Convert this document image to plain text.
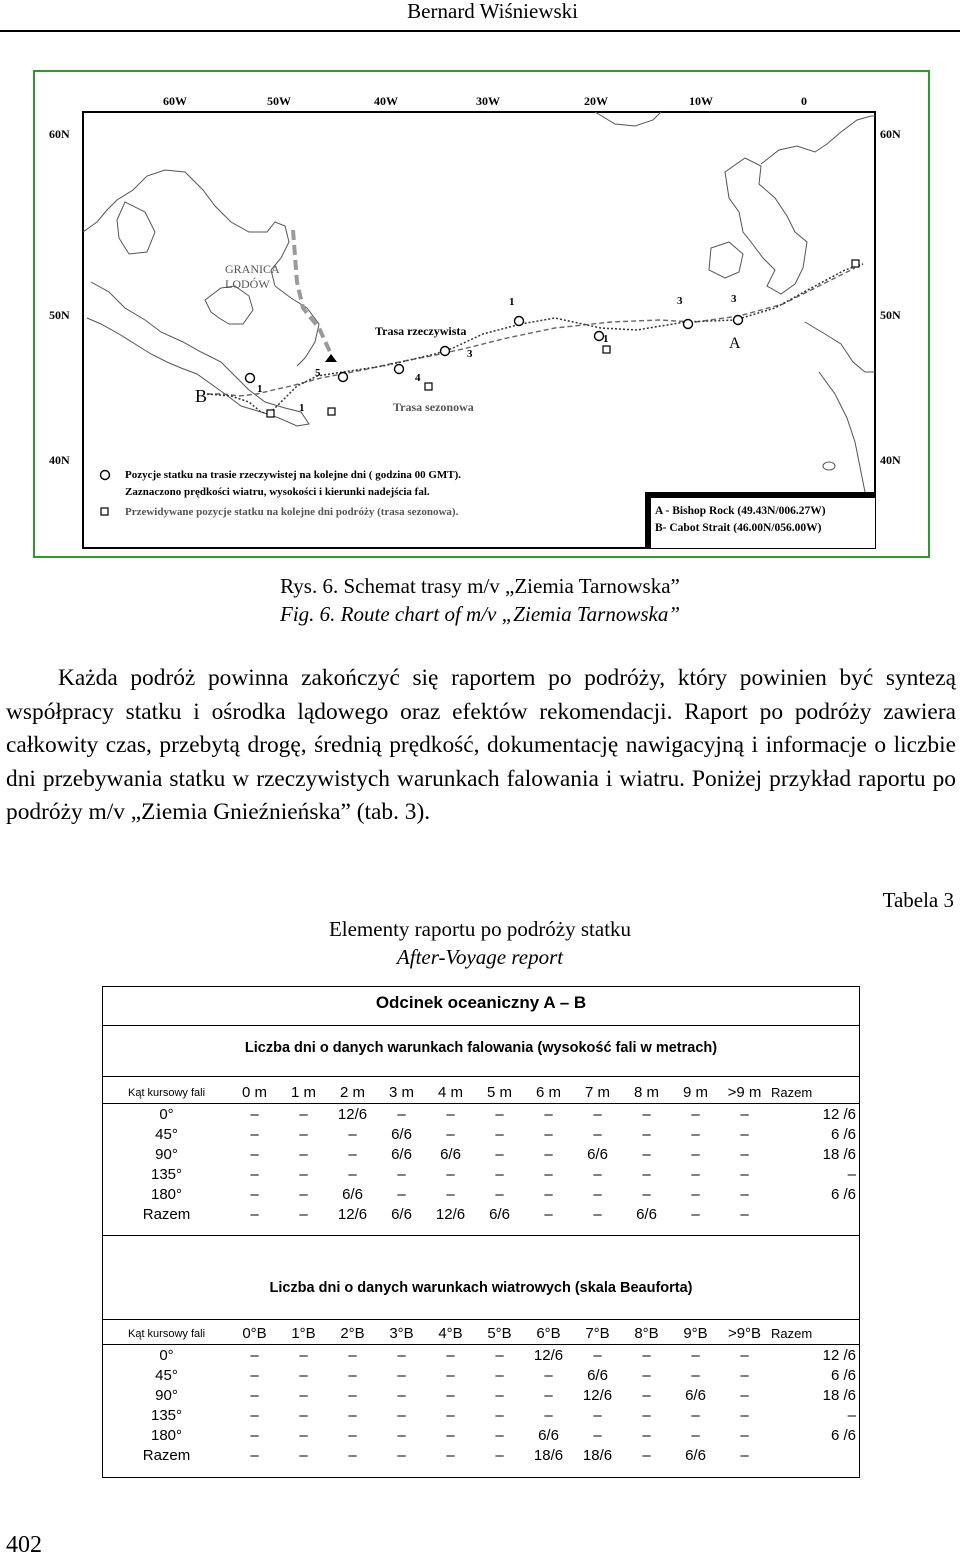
Bernard Wiśniewski
60W	50W	40W	30W	20W	10W	0
60N
50N
40N
60N
50N
40N
GRANICA
LODÓW
1
5
1
4
3
1
1
3	3
Trasa rzeczywista
Trasa sezonowa
B
A
Pozycje statku na trasie rzeczywistej na kolejne dni ( godzina 00 GMT).
Zaznaczono prędkości wiatru, wysokości i kierunki nadejścia fal.
Przewidywane pozycje statku na kolejne dni podróży (trasa sezonowa).	A - Bishop Rock (49.43N/006.27W)
B- Cabot Strait (46.00N/056.00W)
Rys. 6. Schemat trasy m/v „Ziemia Tarnowska”
Fig. 6. Route chart of m/v „Ziemia Tarnowska”

Każda podróż powinna zakończyć się raportem po podróży, który powinien być syntezą współpracy statku i ośrodka lądowego oraz efektów rekomendacji. Raport po podróży zawiera całkowity czas, przebytą drogę, średnią prędkość, dokumentację nawigacyjną i informacje o liczbie dni przebywania statku w rzeczywistych warunkach falowania i wiatru. Poniżej przykład raportu po podróży m/v „Ziemia Gnieźnieńska” (tab. 3).

Tabela 3
Elementy raportu po podróży statku
After-Voyage report
Odcinek oceaniczny A – B
Liczba dni o danych warunkach falowania (wysokość fali w metrach)
Kąt kursowy fali	0 m	1 m	2 m	3 m	4 m	5 m	6 m	7 m	8 m	9 m	>9 m	Razem
0°	–	–	12/6	–	–	–	–	–	–	–	–	12 /6
45°	–	–	–	6/6	–	–	–	–	–	–	–	6 /6
90°	–	–	–	6/6	6/6	–	–	6/6	–	–	–	18 /6
135°	–	–	–	–	–	–	–	–	–	–	–	–
180°	–	–	6/6	–	–	–	–	–	–	–	–	6 /6
Razem	–	–	12/6	6/6	12/6	6/6	–	–	6/6	–	–	
Liczba dni o danych warunkach wiatrowych (skala Beauforta)
Kąt kursowy fali	0°B	1°B	2°B	3°B	4°B	5°B	6°B	7°B	8°B	9°B	>9°B	Razem
0°	–	–	–	–	–	–	12/6	–	–	–	–	12 /6
45°	–	–	–	–	–	–	–	6/6	–	–	–	6 /6
90°	–	–	–	–	–	–	–	12/6	–	6/6	–	18 /6
135°	–	–	–	–	–	–	–	–	–	–	–	–
180°	–	–	–	–	–	–	6/6	–	–	–	–	6 /6
Razem	–	–	–	–	–	–	18/6	18/6	–	6/6	–	
402
